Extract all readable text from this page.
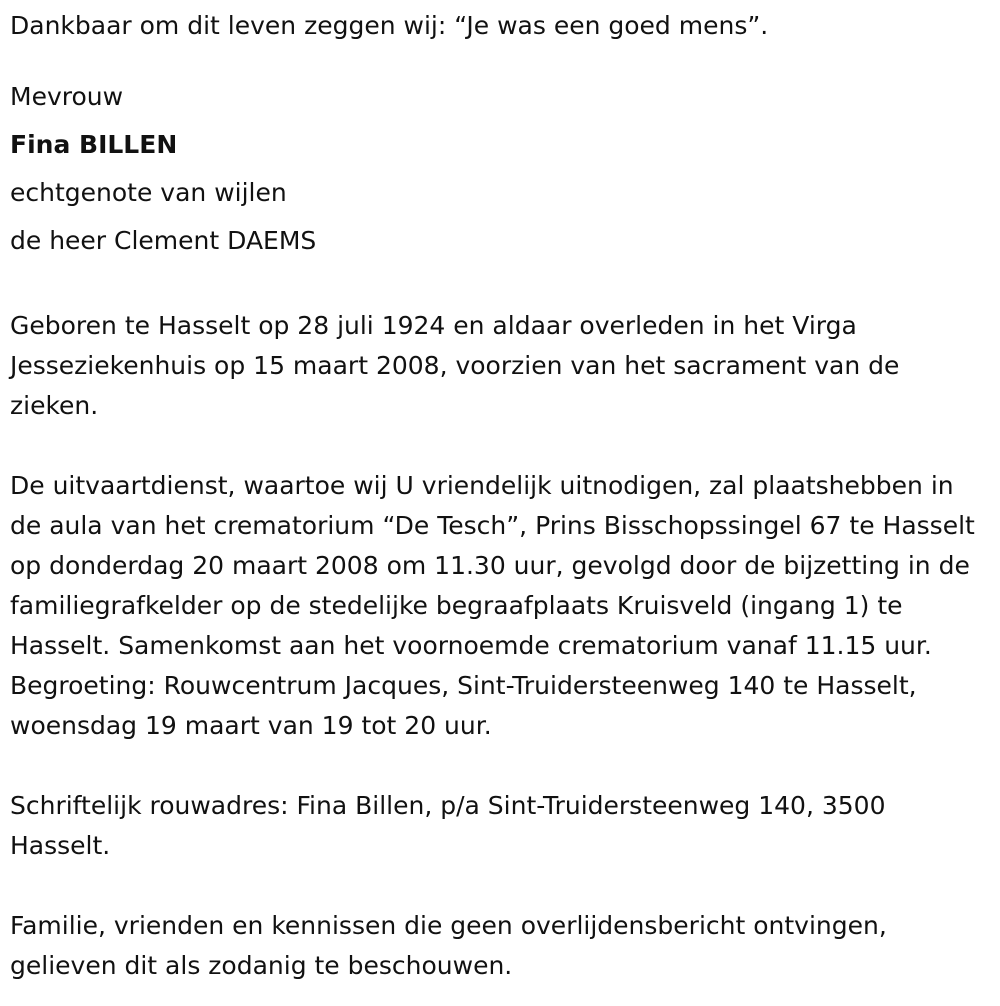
Dankbaar om dit leven zeggen wij: “Je was een goed mens”.

Mevrouw

Fina BILLEN

echtgenote van wijlen

de heer Clement DAEMS

Geboren te Hasselt op 28 juli 1924 en aldaar overleden in het Virga Jesseziekenhuis op 15 maart 2008, voorzien van het sacrament van de zieken.

De uitvaartdienst, waartoe wij U vriendelijk uitnodigen, zal plaatshebben in de aula van het crematorium “De Tesch”, Prins Bisschopssingel 67 te Hasselt op donderdag 20 maart 2008 om 11.30 uur, gevolgd door de bijzetting in de familiegrafkelder op de stedelijke begraafplaats Kruisveld (ingang 1) te Hasselt. Samenkomst aan het voornoemde crematorium vanaf 11.15 uur. Begroeting: Rouwcentrum Jacques, Sint-Truidersteenweg 140 te Hasselt, woensdag 19 maart van 19 tot 20 uur.

Schriftelijk rouwadres: Fina Billen, p/a Sint-Truidersteenweg 140, 3500 Hasselt.

Familie, vrienden en kennissen die geen overlijdensbericht ontvingen, gelieven dit als zodanig te beschouwen.
